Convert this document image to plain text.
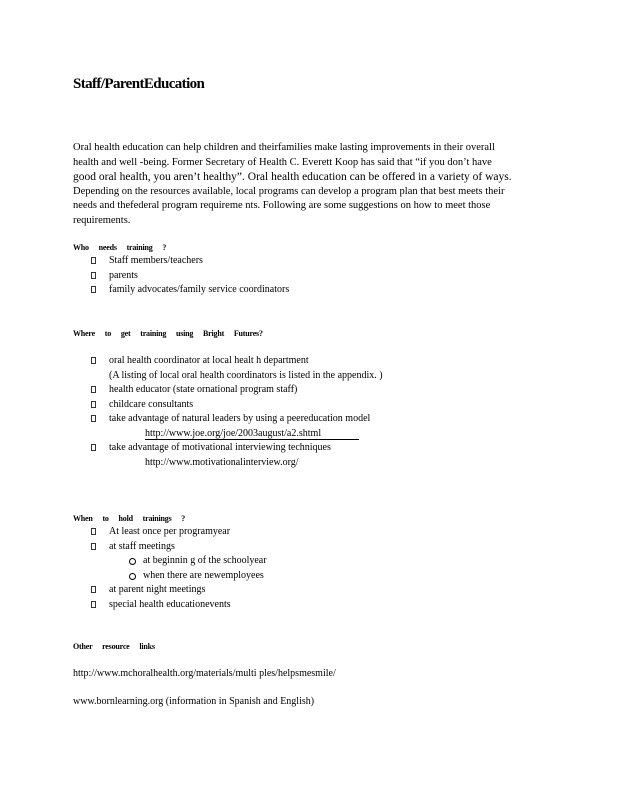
Staff/ParentEducation
Oral health education can help children and theirfamilies make lasting improvements in their overall
health and well -being. Former Secretary of Health C. Everett Koop has said that “if you don’t have
good oral health, you aren’t healthy”. Oral health education can be offered in a variety of ways.
Depending on the resources available, local programs can develop a program plan that best meets their
needs and thefederal program requireme nts. Following are some suggestions on how to meet those
requirements.
Who needs training ?
Staff members/teachers
parents
family advocates/family service coordinators
Where to get training using Bright Futures?
oral health coordinator at local healt h department
(A listing of local oral health coordinators is listed in the appendix. )
health educator (state ornational program staff)
childcare consultants
take advantage of natural leaders by using a peereducation model
http://www.joe.org/joe/2003august/a2.shtml
take advantage of motivational interviewing techniques
http://www.motivationalinterview.org/
When to hold trainings ?
At least once per programyear
at staff meetings
at beginnin g of the schoolyear
when there are newemployees
at parent night meetings
special health educationevents
Other resource links
http://www.mchoralhealth.org/materials/multi ples/helpsmesmile/
www.bornlearning.org (information in Spanish and English)
